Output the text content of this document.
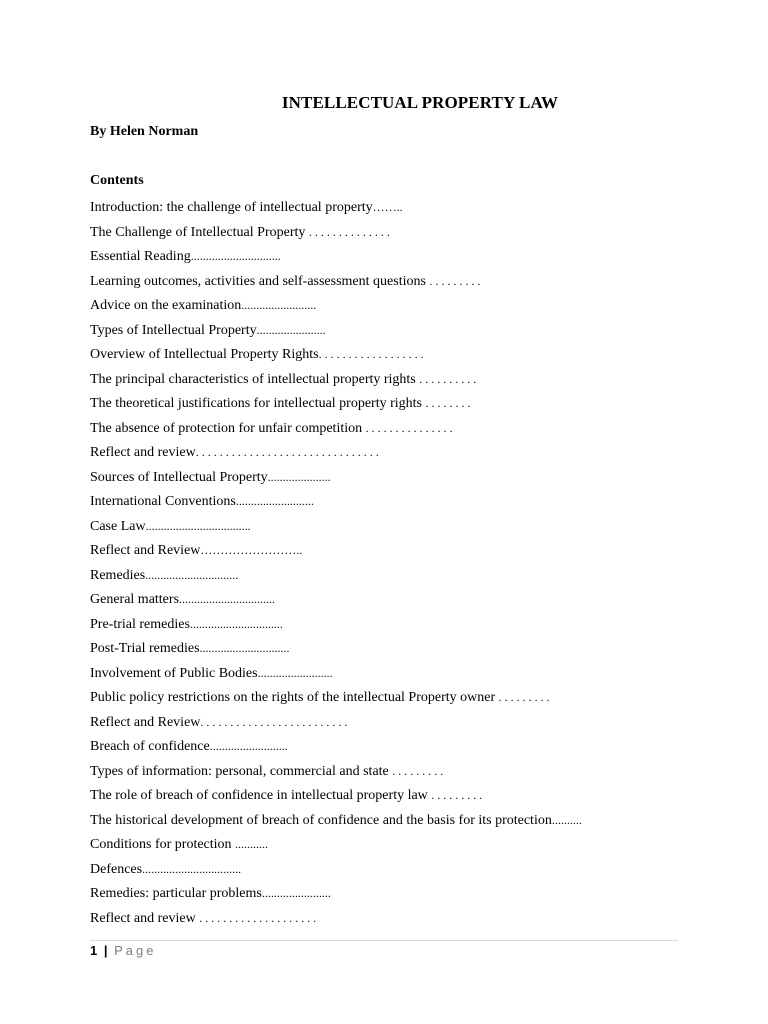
INTELLECTUAL PROPERTY LAW
By Helen Norman
Contents
Introduction: the challenge of intellectual property……..
The Challenge of Intellectual Property . . . . . . . . . . . . . .
Essential Reading..............................
Learning outcomes, activities and self-assessment questions . . . . . . . . .
Advice on the examination.........................
Types of Intellectual Property.......................
Overview of Intellectual Property Rights. . . . . . . . . . . . . . . . . .
The principal characteristics of intellectual property rights . . . . . . . . . .
The theoretical justifications for intellectual property rights . . . . . . . .
The absence of protection for unfair competition . . . . . . . . . . . . . . .
Reflect and review. . . . . . . . . . . . . . . . . . . . . . . . . . . . . . .
Sources of Intellectual Property.....................
International Conventions..........................
Case Law...................................
Reflect and Review……………………..
Remedies...............................
General matters................................
Pre-trial remedies...............................
Post-Trial remedies..............................
Involvement of Public Bodies.........................
Public policy restrictions on the rights of the intellectual Property owner . . . . . . . . .
Reflect and Review. . . . . . . . . . . . . . . . . . . . . . . . .
Breach of confidence..........................
Types of information: personal, commercial and state . . . . . . . . .
The role of breach of confidence in intellectual property law . . . . . . . . .
The historical development of breach of confidence and the basis for its protection..........
Conditions for protection ...........
Defences.................................
Remedies: particular problems.......................
Reflect and review . . . . . . . . . . . . . . . . . . . .
1 | Page
